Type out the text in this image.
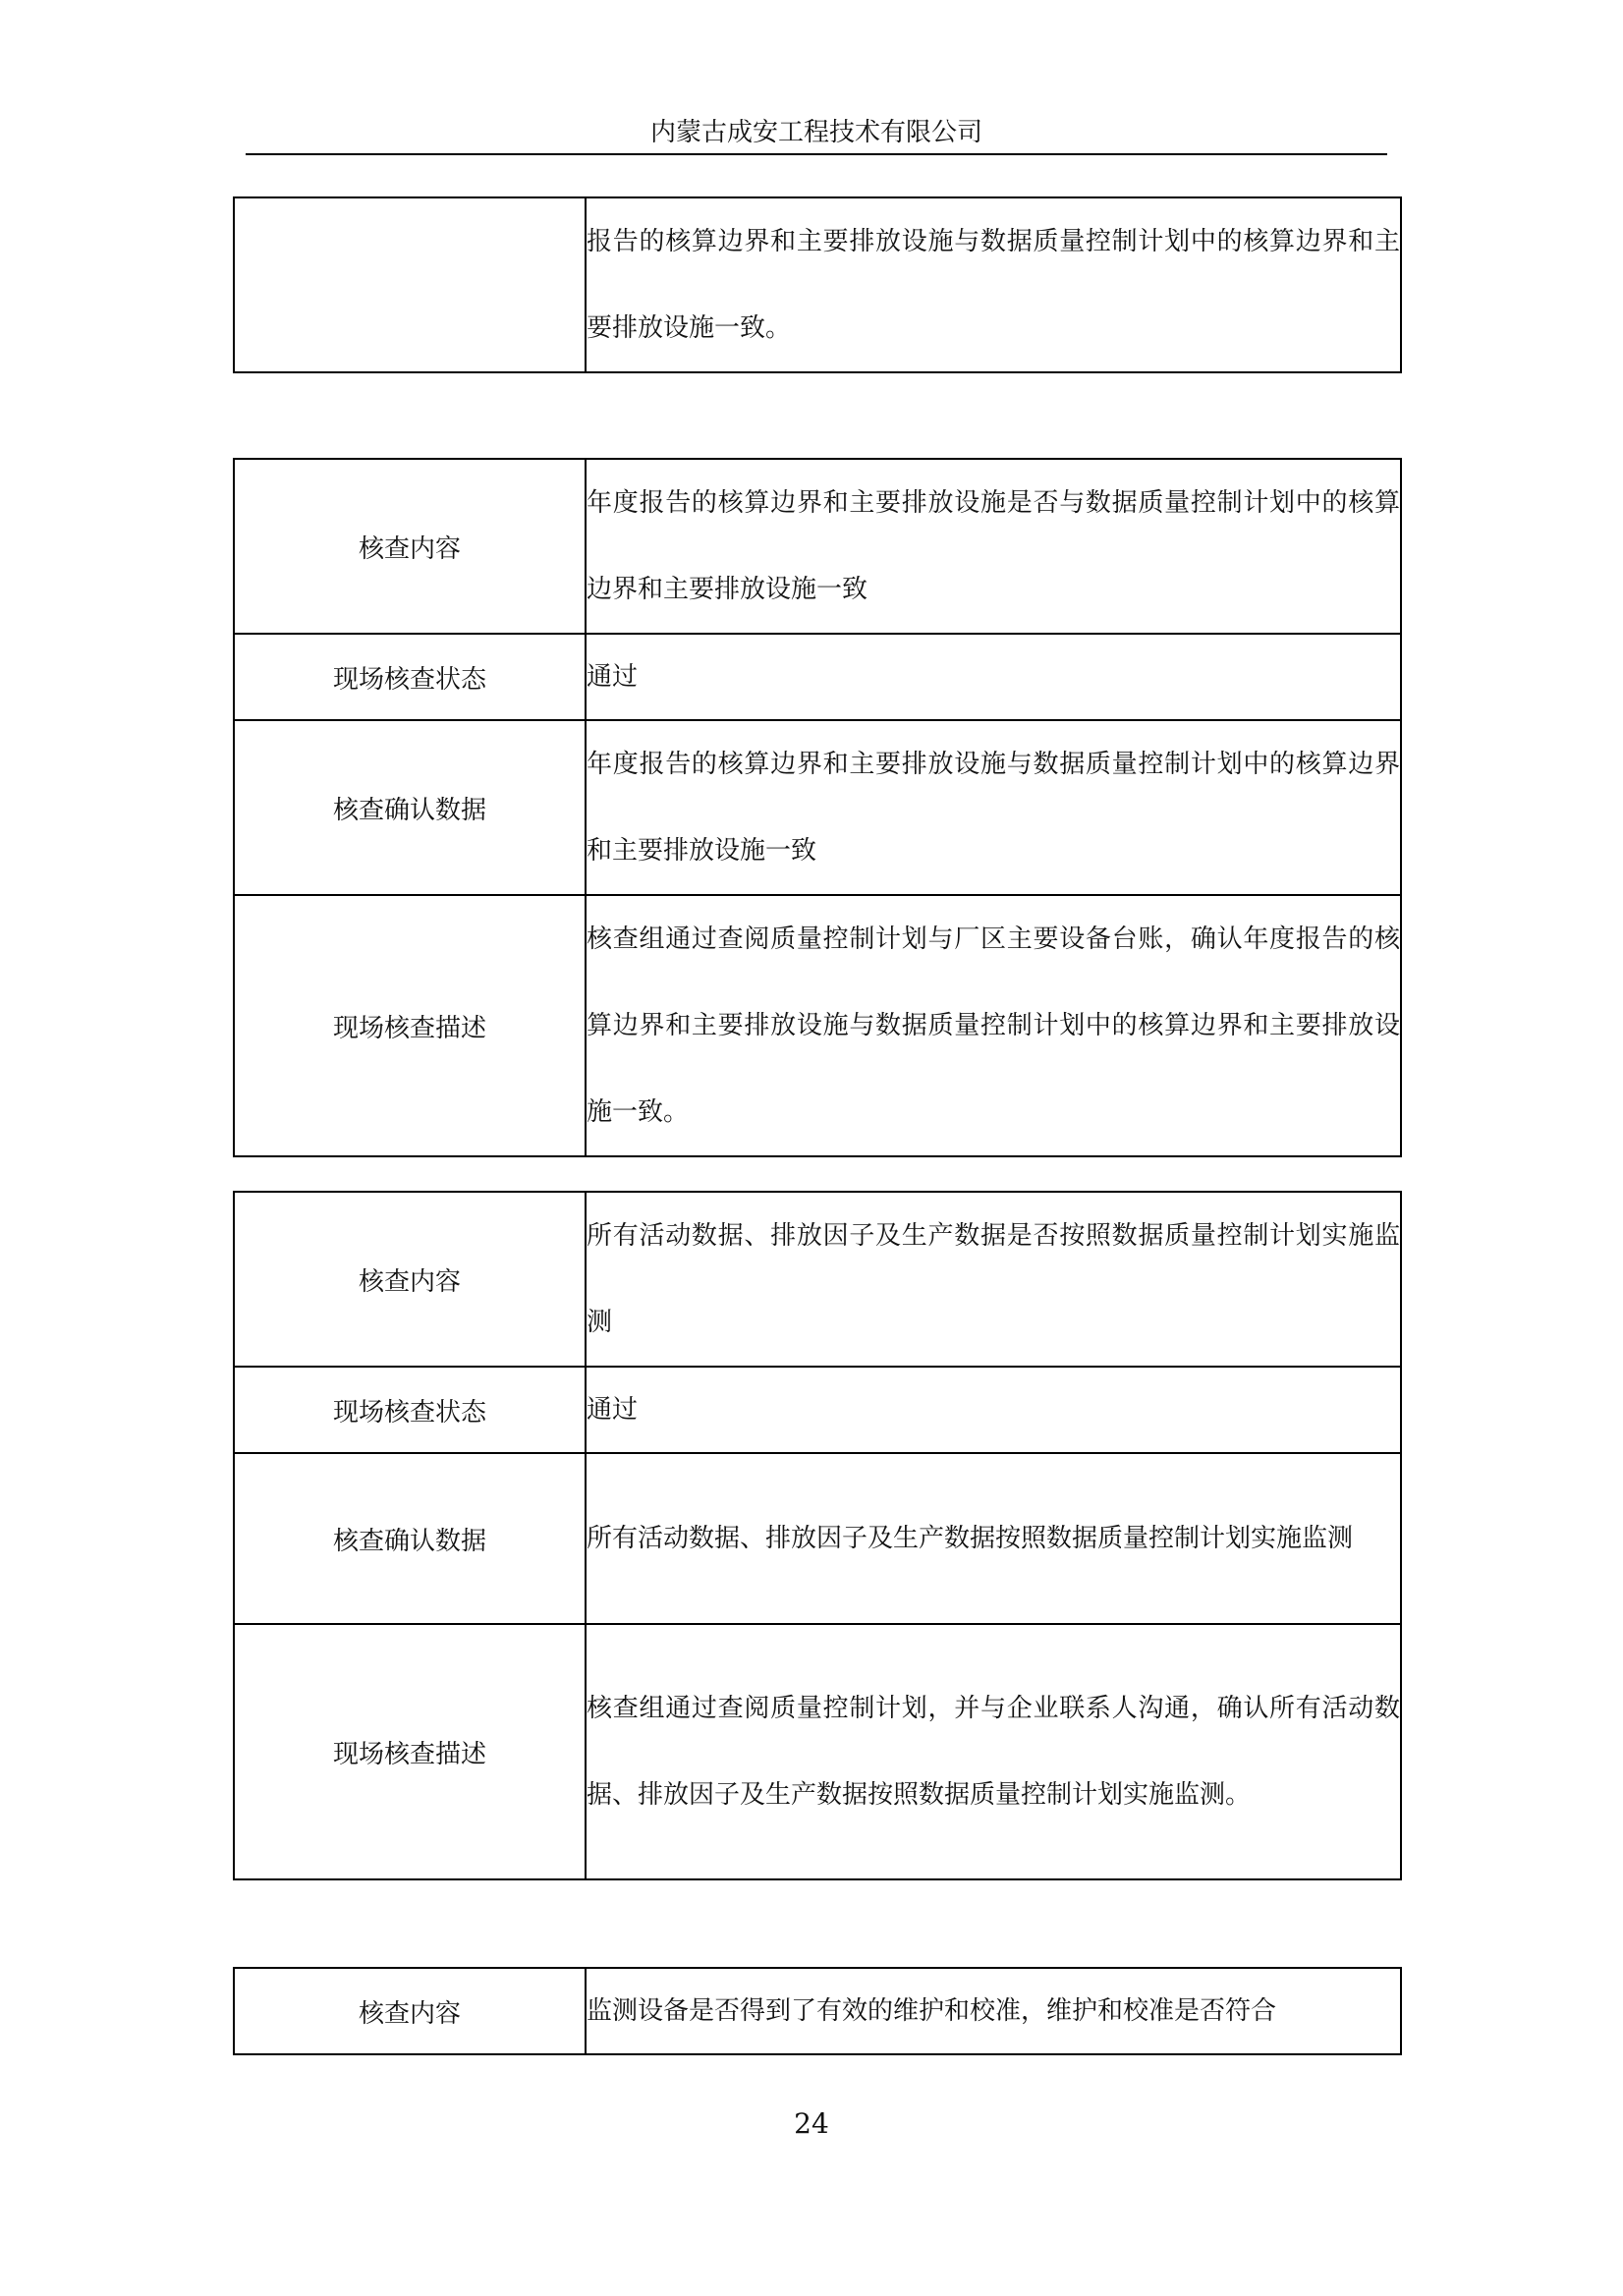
内蒙古成安工程技术有限公司
	报告的核算边界和主要排放设施与数据质量控制计划中的核算边界和主要排放设施一致。
核查内容	年度报告的核算边界和主要排放设施是否与数据质量控制计划中的核算边界和主要排放设施一致
现场核查状态	通过
核查确认数据	年度报告的核算边界和主要排放设施与数据质量控制计划中的核算边界和主要排放设施一致
现场核查描述	核查组通过查阅质量控制计划与厂区主要设备台账，确认年度报告的核算边界和主要排放设施与数据质量控制计划中的核算边界和主要排放设施一致。
核查内容	所有活动数据、排放因子及生产数据是否按照数据质量控制计划实施监测
现场核查状态	通过
核查确认数据	所有活动数据、排放因子及生产数据按照数据质量控制计划实施监测
现场核查描述	核查组通过查阅质量控制计划，并与企业联系人沟通，确认所有活动数据、排放因子及生产数据按照数据质量控制计划实施监测。
核查内容	监测设备是否得到了有效的维护和校准，维护和校准是否符合
24
